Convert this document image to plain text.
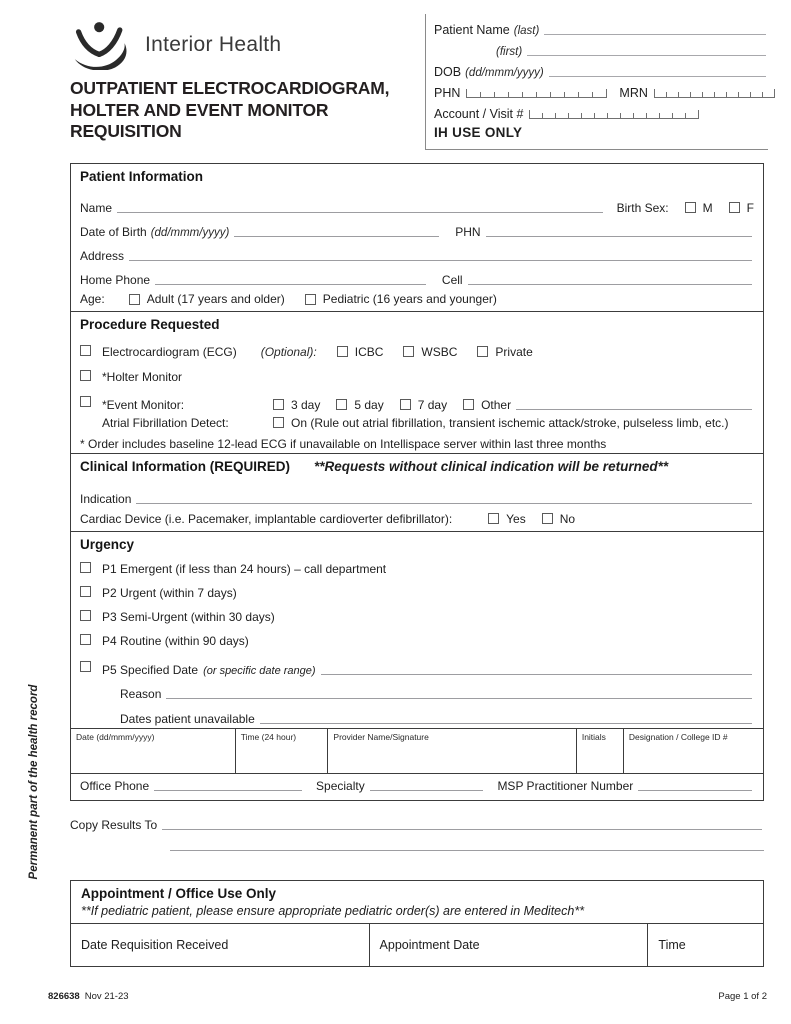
Permanent part of the health record
Interior Health
OUTPATIENT ELECTROCARDIOGRAM,
HOLTER AND EVENT MONITOR
REQUISITION
Patient Name (last)
(first)
DOB (dd/mmm/yyyy)
PHN	MRN
Account / Visit #
IH USE ONLY
Patient Information
Name	Birth Sex:	M	F
Date of Birth (dd/mmm/yyyy)	PHN
Address
Home Phone	Cell
Age:	Adult (17 years and older)	Pediatric (16 years and younger)
Procedure Requested
Electrocardiogram (ECG) (Optional):	ICBC	WSBC	Private
*Holter Monitor
*Event Monitor:	3 day	5 day	7 day	Other
Atrial Fibrillation Detect:	On (Rule out atrial fibrillation, transient ischemic attack/stroke, pulseless limb, etc.)
* Order includes baseline 12-lead ECG if unavailable on Intellispace server within last three months
Clinical Information (REQUIRED) **Requests without clinical indication will be returned**
Indication
Cardiac Device (i.e. Pacemaker, implantable cardioverter defibrillator):	Yes	No
Urgency
P1 Emergent (if less than 24 hours) – call department
P2 Urgent (within 7 days)
P3 Semi-Urgent (within 30 days)
P4 Routine (within 90 days)
P5 Specified Date (or specific date range)
Reason
Dates patient unavailable
Date (dd/mmm/yyyy)	Time (24 hour)	Provider Name/Signature	Initials	Designation / College ID #
Office Phone	Specialty	MSP Practitioner Number
Copy Results To
Appointment / Office Use Only
**If pediatric patient, please ensure appropriate pediatric order(s) are entered in Meditech**
Date Requisition Received	Appointment Date	Time
826638 Nov 21-23	Page 1 of 2
